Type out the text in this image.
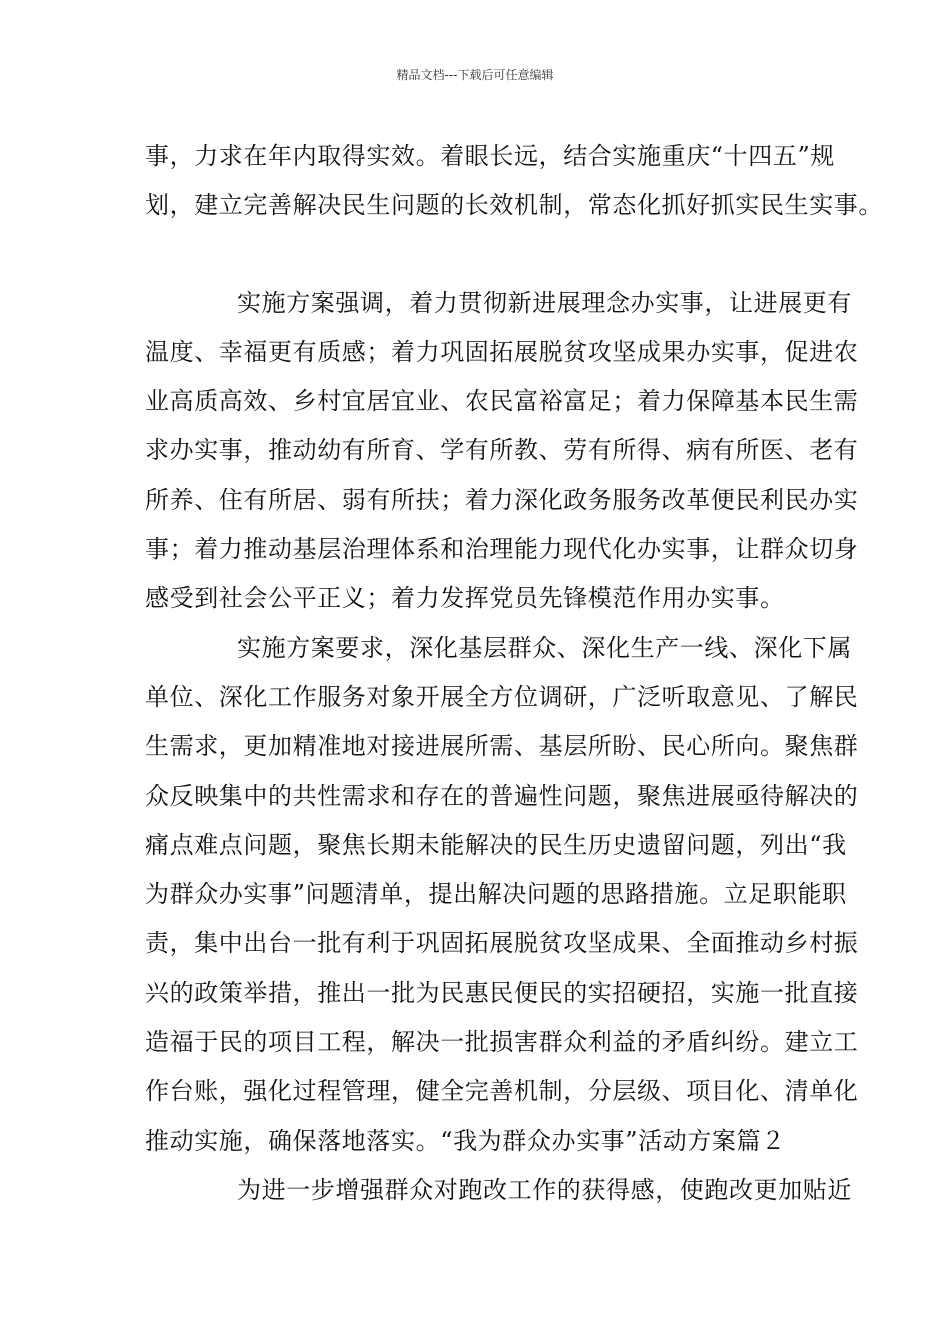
精品文档---下载后可任意编辑
事，力求在年内取得实效。着眼长远，结合实施重庆“十四五”规
划，建立完善解决民生问题的长效机制，常态化抓好抓实民生实事。
实施方案强调，着力贯彻新进展理念办实事，让进展更有
温度、幸福更有质感；着力巩固拓展脱贫攻坚成果办实事，促进农
业高质高效、乡村宜居宜业、农民富裕富足；着力保障基本民生需
求办实事，推动幼有所育、学有所教、劳有所得、病有所医、老有
所养、住有所居、弱有所扶；着力深化政务服务改革便民利民办实
事；着力推动基层治理体系和治理能力现代化办实事，让群众切身
感受到社会公平正义；着力发挥党员先锋模范作用办实事。
实施方案要求，深化基层群众、深化生产一线、深化下属
单位、深化工作服务对象开展全方位调研，广泛听取意见、了解民
生需求，更加精准地对接进展所需、基层所盼、民心所向。聚焦群
众反映集中的共性需求和存在的普遍性问题，聚焦进展亟待解决的
痛点难点问题，聚焦长期未能解决的民生历史遗留问题，列出“我
为群众办实事”问题清单，提出解决问题的思路措施。立足职能职
责，集中出台一批有利于巩固拓展脱贫攻坚成果、全面推动乡村振
兴的政策举措，推出一批为民惠民便民的实招硬招，实施一批直接
造福于民的项目工程，解决一批损害群众利益的矛盾纠纷。建立工
作台账，强化过程管理，健全完善机制，分层级、项目化、清单化
推动实施，确保落地落实。“我为群众办实事”活动方案篇２
为进一步增强群众对跑改工作的获得感，使跑改更加贴近
